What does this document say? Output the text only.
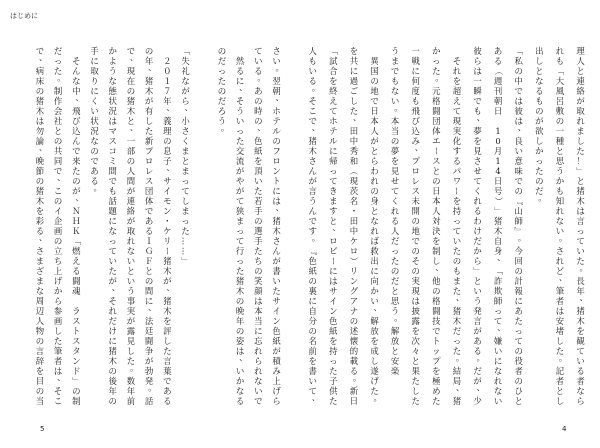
はじめに
さ
い
。
翌
朝
、
ホ
テ
ル
の
フ
ロ
ン
ト
に
は
、
猪
木
さ
ん
が
書
い
た
サ
イ
ン
色
紙
が
積
み
上
げ
ら
て
い
る
。
あ
の
時
の
、
色
紙
を
頂
い
た
若
手
の
選
手
た
ち
の
笑
顔
は
本
当
に
忘
れ
ら
れ
な
い
で

然
る
に
、
そ
う
い
っ
た
交
流
が
や
が
て
狭
ま
っ
て
行
っ
た
猪
木
の
晩
年
の
姿
は
、
い
か
な
る
の
だ
っ
た
の
だ
ろ
う
。
「
失
礼
な
が
ら
、
小
さ
く
ま
と
ま
っ
て
し
ま
っ
た
…
…
」

２
０
１
７
年
、
義
理
の
息
子
、
サ
イ
モ
ン
・
ケ
リ
ー
猪
木
が
、
猪
木
を
評
し
た
言
葉
で
あ
る
の
年
、
猪
木
が
有
し
た
新
プ
ロ
レ
ス
団
体
で
あ
る
Ｉ
Ｇ
Ｆ
と
の
間
に
、
法
廷
闘
争
が
勃
発
。
話
で
、
現
在
の
猪
木
と
、
一
部
の
人
間
が
連
絡
が
取
れ
な
い
と
い
う
事
実
が
露
見
し
た
。
数
年
前
か
よ
う
な
態
状
況
は
マ
ス
コ
ミ
間
で
も
話
題
に
な
っ
て
い
た
が
、
そ
れ
だ
け
に
猪
木
の
後
年
の
手
に
取
り
に
く
い
状
況
な
の
で
あ
る
。

そ
ん
な
中
、
飛
び
込
ん
で
来
た
の
が
、
Ｎ
Ｈ
Ｋ
「
燃
え
る
闘
魂

ラ
ス
ト
ス
タ
ン
ド
」
の
制
だ
っ
た
。
制
作
会
社
と
の
共
同
で
、
こ
の
イ
企
画
の
立
ち
上
げ
か
ら
参
画
し
た
筆
者
は
、
そ
こ
で
、
病
床
の
猪
木
は
勿
論
、
晩
節
の
猪
木
を
彩
る
、
さ
ま
ざ
ま
な
周
辺
人
物
の
言
辞
を
目
の
当
5
理
人
と
連
絡
が
取
れ
ま
し
た
！
」
と
猪
木
は
言
っ
て
い
た
。
長
年
、
猪
木
を
観
て
い
る
者
な
ら
れ
も
「
大
風
呂
敷
の
一
種
と
思
う
か
も
知
れ
な
い
。
さ
れ
ど
、
筆
者
は
安
堵
し
た
。
記
者
と
し
出
し
と
な
る
も
の
が
欲
し
か
っ
た
の
だ
。
「
私
の
中
で
は
彼
は
、
良
い
意
味
で
の
『
山
師
』
。
今
回
の
計
報
に
あ
た
っ
て
の
役
者
の
ひ
と
あ
る
（
週
刊
朝
日

1
0
月
1
4
日
号
）
」
猪
木
自
身
、
「
詐
欺
師
っ
て
、
嫌
い
に
な
れ
な
い
彼
ら
は
一
瞬
で
も
、
夢
を
見
さ
せ
て
く
れ
る
わ
け
だ
か
ら
」
と
い
う
発
言
が
あ
る
。
だ
が
、
少

そ
れ
を
超
え
て
現
実
化
す
る
パ
ワ
ー
を
持
っ
て
い
た
の
も
ま
た
、
猪
木
だ
っ
た
。
結
局
、
猪
か
っ
た
。
元
格
闘
団
体
エ
ー
ス
と
の
日
本
人
対
決
を
制
し
、
他
の
格
闘
技
で
ト
ッ
プ
を
極
め
た
一
戦
に
何
度
も
飛
び
込
み
、
プ
ロ
レ
ス
未
開
の
地
で
の
そ
の
実
現
は
披
露
を
次
々
と
果
た
し
た
う
ま
で
も
な
い
。
本
当
の
夢
を
見
せ
て
く
れ
る
人
だ
っ
た
の
だ
と
思
う
。
解
放
と
安
楽

異
国
の
地
で
日
本
人
が
と
ら
わ
れ
の
身
と
な
れ
ば
救
出
に
向
か
い
、
解
放
を
成
し
遂
げ
た
。
を
共
に
過
ご
し
た
、
田
中
秀
和
（
現
茨
名
・
田
中
ケ
ロ
）
リ
ン
グ
ア
ナ
の
述
懐
的
載
る
。
新
日
「
試
合
を
終
え
て
ホ
テ
ル
に
帰
っ
て
き
ま
す
と
、
ロ
ビ
ー
に
は
サ
イ
ン
色
紙
を
持
っ
た
子
供
た
人
も
い
る
。
そ
こ
で
、
猪
木
さ
ん
が
言
う
ん
で
す
。
『
色
紙
の
裏
に
自
分
の
名
前
を
書
い
て
、
4
